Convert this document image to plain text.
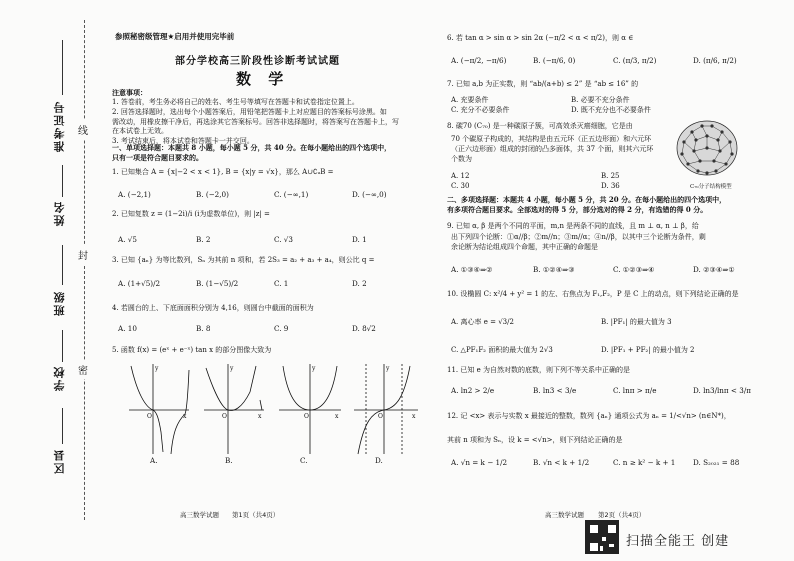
准考证号
姓名
班级
学校
区县
线
封
密
参照秘密级管理★启用并使用完毕前
部分学校高三阶段性诊断考试试题
数 学
注意事项：
1. 答卷前，考生务必将自己的姓名、考生号等填写在答题卡和试卷指定位置上。
2. 回答选择题时，选出每个小题答案后，用铅笔把答题卡上对应题目的答案标号涂黑。如
需改动，用橡皮擦干净后，再选涂其它答案标号。回答非选择题时，将答案写在答题卡上，写
在本试卷上无效。
3. 考试结束后，将本试卷和答题卡一并交回。
一、单项选择题：本题共 8 小题，每小题 5 分，共 40 分。在每小题给出的四个选项中，
只有一项是符合题目要求的。
1. 已知集合 A = {x|−2 < x < 1}, B = {x|y = √x}，那么 A∪∁ᵤB =
A. (−2,1)	B. (−2,0)	C. (−∞,1)	D. (−∞,0)
2. 已知复数 z = (1−2i)/i (i为虚数单位)，则 |z| =
A. √5	B. 2	C. √3	D. 1
3. 已知 {aₙ} 为等比数列，Sₙ 为其前 n 项和，若 2S₃ = a₂ + a₃ + a₄，则公比 q =
A. (1+√5)/2	B. (1−√5)/2	C. 1	D. 2
4. 若圆台的上、下底面面积分别为 4,16，则圆台中截面的面积为
A. 10	B. 8	C. 9	D. 8√2
5. 函数 f(x) = (eˣ + e⁻ˣ) tan x 的部分图像大致为
O	x
y
O	x
y
O	x
y
O	x
y
A.	B.	C.	D.
高三数学试题 第1页（共4页）
6. 若 tan α > sin α > sin 2α (−π/2 < α < π/2)，则 α ∈
A. (−π/2, −π/6)	B. (−π/6, 0)	C. (π/3, π/2)	D. (π/6, π/2)
7. 已知 a,b 为正实数，则 “ab/(a+b) ≤ 2” 是 “ab ≤ 16” 的
A. 充要条件	B. 必要不充分条件
C. 充分不必要条件	D. 既不充分也不必要条件
8. 碳70 (C₇₀) 是一种碳原子簇，可高效杀灭癌细胞，它是由
70 个碳原子构成的，其结构是由五元环（正五边形面）和六元环
（正六边形面）组成的封闭的凸多面体，共 37 个面，则其六元环
个数为
A. 12	B. 25
C. 30	D. 36	C₇₀分子结构模型
二、多项选择题：本题共 4 小题，每小题 5 分，共 20 分。在每小题给出的四个选项中，
有多项符合题目要求。全部选对的得 5 分，部分选对的得 2 分，有选错的得 0 分。
9. 已知 α, β 是两个不同的平面，m,n 是两条不同的直线，且 m ⊥ α, n ⊥ β，给
出下列四个论断：①α//β；②m//n；③m//α；④n//β，以其中三个论断为条件，剩
余论断为结论组成四个命题，其中正确的命题是
A. ①③④⇒②	B. ①②④⇒③	C. ①②③⇒④	D. ②③④⇒①
10. 设椭圆 C: x²/4 + y² = 1 的左、右焦点为 F₁,F₂，P 是 C 上的动点，则下列结论正确的是
A. 离心率 e = √3/2	B. |PF₁| 的最大值为 3
C. △PF₁F₂ 面积的最大值为 2√3	D. |PF₁ + PF₂| 的最小值为 2
11. 已知 e 为自然对数的底数，则下列不等关系中正确的是
A. ln2 > 2/e	B. ln3 < 3/e	C. lnπ > π/e	D. ln3/lnπ < 3/π
12. 记 <x> 表示与实数 x 最接近的整数，数列 {aₙ} 通项公式为 aₙ = 1/<√n> (n∈N*)，
其前 n 项和为 Sₙ，设 k = <√n>，则下列结论正确的是
A. √n = k − 1/2	B. √n < k + 1/2	C. n ≥ k² − k + 1	D. S₂₀₂₁ = 88
高三数学试题 第2页（共4页）
扫描全能王 创建
